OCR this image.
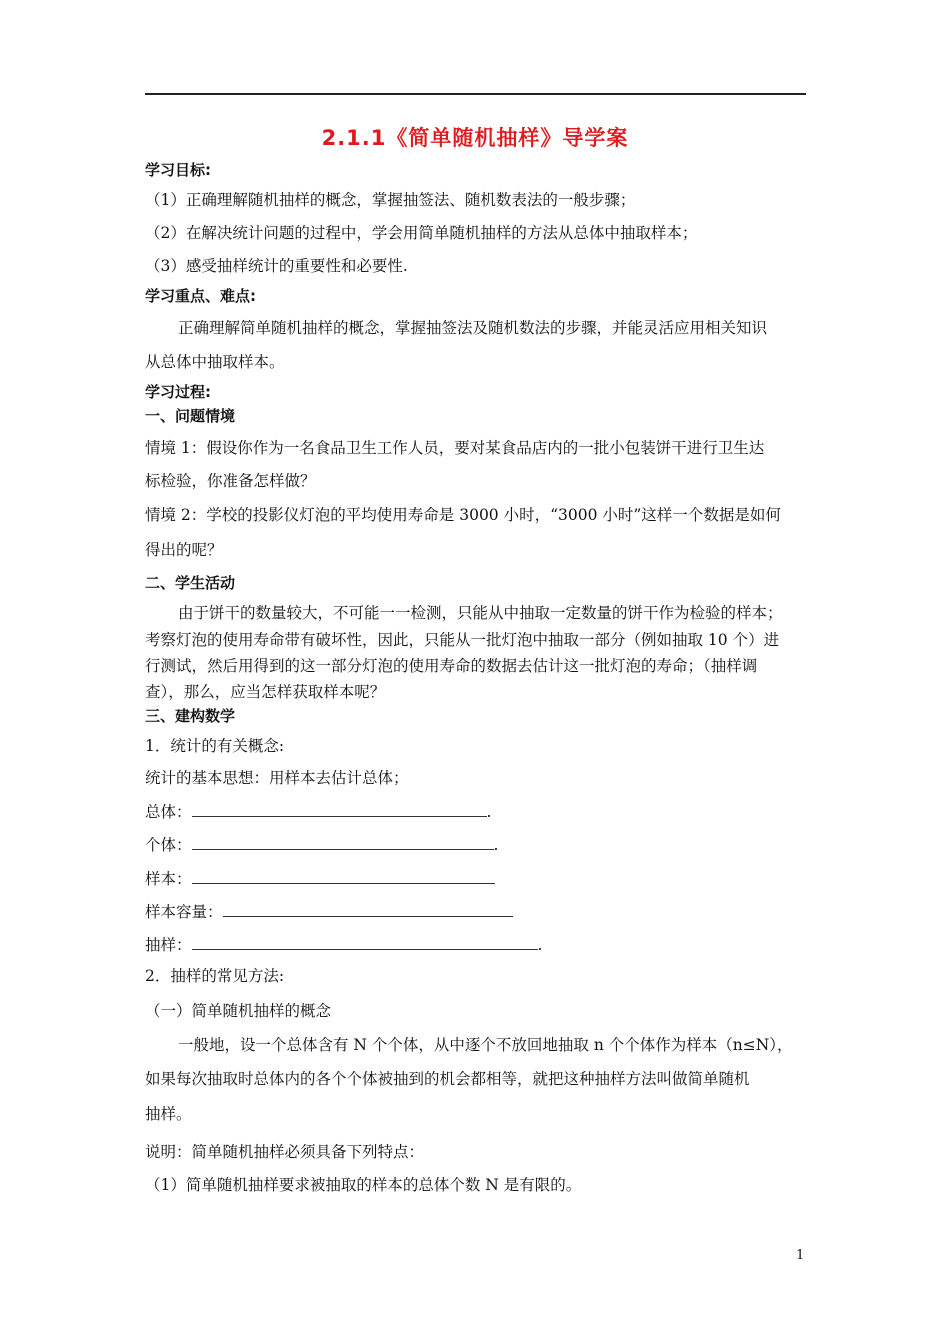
2.1.1《简单随机抽样》导学案
学习目标:
（1）正确理解随机抽样的概念，掌握抽签法、随机数表法的一般步骤；
（2）在解决统计问题的过程中，学会用简单随机抽样的方法从总体中抽取样本；
（3）感受抽样统计的重要性和必要性.
学习重点、难点:
正确理解简单随机抽样的概念，掌握抽签法及随机数法的步骤，并能灵活应用相关知识
从总体中抽取样本。
学习过程:
一、问题情境
情境 1：假设你作为一名食品卫生工作人员，要对某食品店内的一批小包装饼干进行卫生达
标检验，你准备怎样做？
情境 2：学校的投影仪灯泡的平均使用寿命是 3000 小时，“3000 小时”这样一个数据是如何
得出的呢？
二、学生活动
由于饼干的数量较大，不可能一一检测，只能从中抽取一定数量的饼干作为检验的样本；
考察灯泡的使用寿命带有破坏性，因此，只能从一批灯泡中抽取一部分（例如抽取 10 个）进
行测试，然后用得到的这一部分灯泡的使用寿命的数据去估计这一批灯泡的寿命；（抽样调
查），那么，应当怎样获取样本呢？
三、建构数学
1．统计的有关概念:
统计的基本思想：用样本去估计总体；
总体：	.
个体：	.
样本：
样本容量：
抽样：	.
2．抽样的常见方法:
（一）简单随机抽样的概念
一般地，设一个总体含有 N 个个体，从中逐个不放回地抽取 n 个个体作为样本（n≤N），
如果每次抽取时总体内的各个个体被抽到的机会都相等，就把这种抽样方法叫做简单随机
抽样。
说明：简单随机抽样必须具备下列特点：
（1）简单随机抽样要求被抽取的样本的总体个数 N 是有限的。
1
